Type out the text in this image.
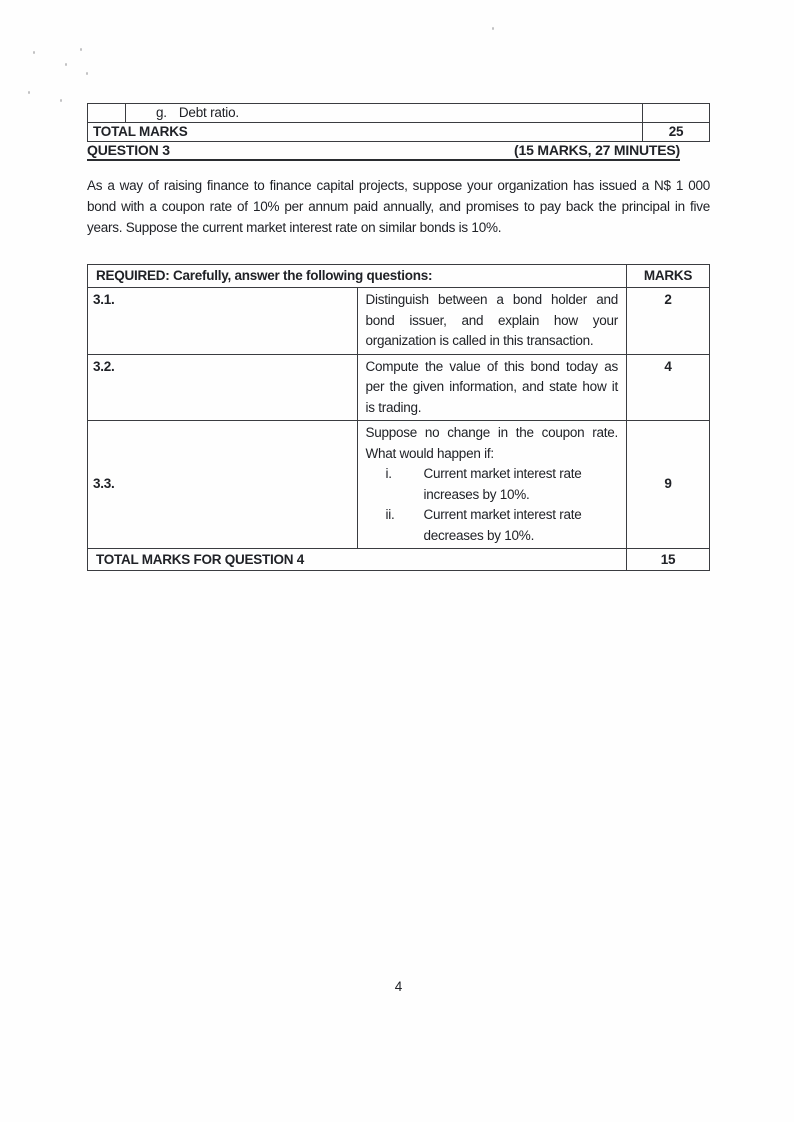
	g. Debt ratio.	
TOTAL MARKS		25
QUESTION 3	(15 MARKS, 27 MINUTES)

As a way of raising finance to finance capital projects, suppose your organization has issued a N$ 1 000 bond with a coupon rate of 10% per annum paid annually, and promises to pay back the principal in five years. Suppose the current market interest rate on similar bonds is 10%.

REQUIRED: Carefully, answer the following questions:		MARKS
3.1.	Distinguish between a bond holder and bond issuer, and explain how your organization is called in this transaction.	2
3.2.	Compute the value of this bond today as per the given information, and state how it is trading.	4
3.3.	Suppose no change in the coupon rate. What would happen if:
i. Current market interest rate increases by 10%.
ii. Current market interest rate decreases by 10%.	9
TOTAL MARKS FOR QUESTION 4		15
4
